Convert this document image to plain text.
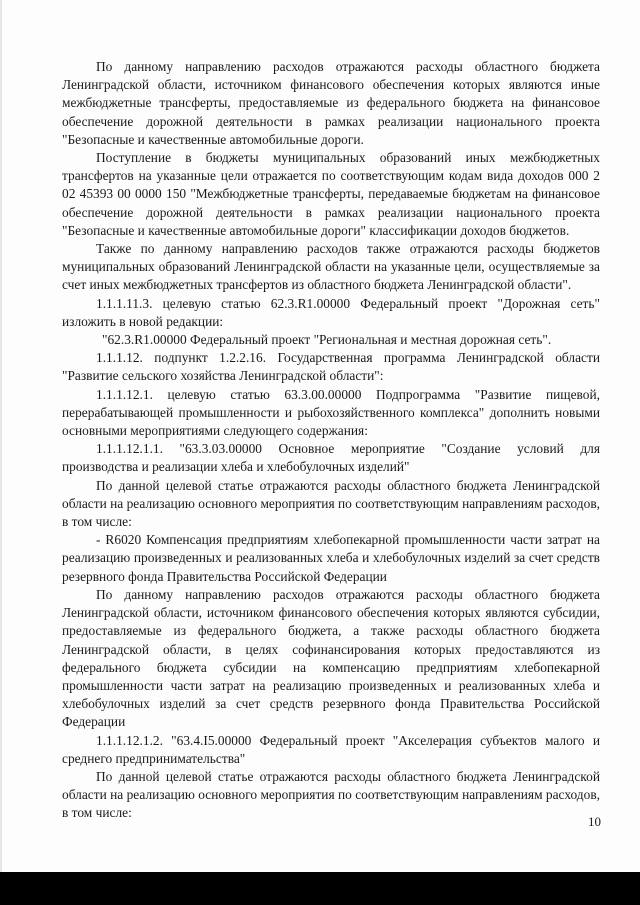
По данному направлению расходов отражаются расходы областного бюджета Ленинградской области, источником финансового обеспечения которых являются иные межбюджетные трансферты, предоставляемые из федерального бюджета на финансовое обеспечение дорожной деятельности в рамках реализации национального проекта "Безопасные и качественные автомобильные дороги.

Поступление в бюджеты муниципальных образований иных межбюджетных трансфертов на указанные цели отражается по соответствующим кодам вида доходов 000 2 02 45393 00 0000 150 "Межбюджетные трансферты, передаваемые бюджетам на финансовое обеспечение дорожной деятельности в рамках реализации национального проекта "Безопасные и качественные автомобильные дороги" классификации доходов бюджетов.

Также по данному направлению расходов также отражаются расходы бюджетов муниципальных образований Ленинградской области на указанные цели, осуществляемые за счет иных межбюджетных трансфертов из областного бюджета Ленинградской области".

1.1.1.11.3. целевую статью 62.3.R1.00000 Федеральный проект "Дорожная сеть" изложить в новой редакции:

"62.3.R1.00000 Федеральный проект "Региональная и местная дорожная сеть".

1.1.1.12. подпункт 1.2.2.16. Государственная программа Ленинградской области "Развитие сельского хозяйства Ленинградской области":

1.1.1.12.1. целевую статью 63.3.00.00000 Подпрограмма "Развитие пищевой, перерабатывающей промышленности и рыбохозяйственного комплекса" дополнить новыми основными мероприятиями следующего содержания:

1.1.1.12.1.1. "63.3.03.00000 Основное мероприятие "Создание условий для производства и реализации хлеба и хлебобулочных изделий"

По данной целевой статье отражаются расходы областного бюджета Ленинградской области на реализацию основного мероприятия по соответствующим направлениям расходов, в том числе:

- R6020 Компенсация предприятиям хлебопекарной промышленности части затрат на реализацию произведенных и реализованных хлеба и хлебобулочных изделий за счет средств резервного фонда Правительства Российской Федерации

По данному направлению расходов отражаются расходы областного бюджета Ленинградской области, источником финансового обеспечения которых являются субсидии, предоставляемые из федерального бюджета, а также расходы областного бюджета Ленинградской области, в целях софинансирования которых предоставляются из федерального бюджета субсидии на компенсацию предприятиям хлебопекарной промышленности части затрат на реализацию произведенных и реализованных хлеба и хлебобулочных изделий за счет средств резервного фонда Правительства Российской Федерации

1.1.1.12.1.2. "63.4.I5.00000 Федеральный проект "Акселерация субъектов малого и среднего предпринимательства"

По данной целевой статье отражаются расходы областного бюджета Ленинградской области на реализацию основного мероприятия по соответствующим направлениям расходов, в том числе:

10
